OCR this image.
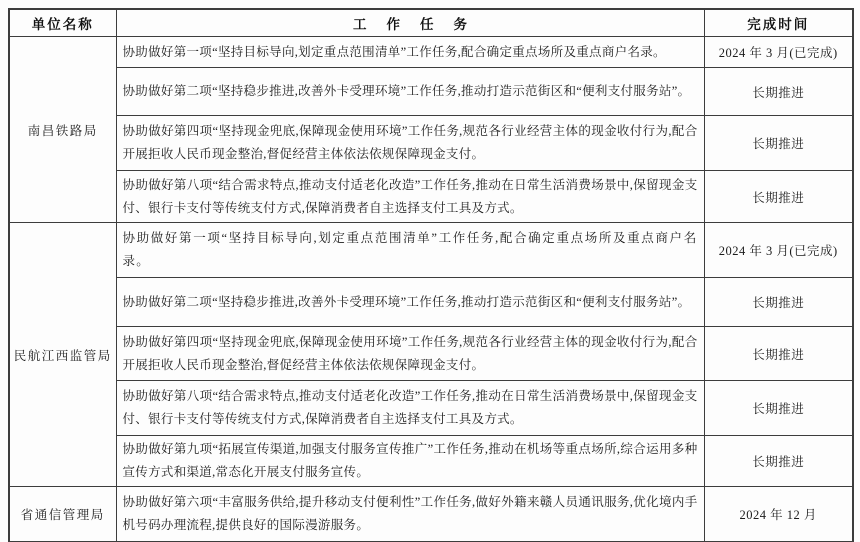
单位名称	工作任务	完成时间
南昌铁路局	协助做好第一项“坚持目标导向,划定重点范围清单”工作任务,配合确定重点场所及重点商户名录。	2024 年 3 月(已完成)
	协助做好第二项“坚持稳步推进,改善外卡受理环境”工作任务,推动打造示范街区和“便利支付服务站”。	长期推进
	协助做好第四项“坚持现金兜底,保障现金使用环境”工作任务,规范各行业经营主体的现金收付行为,配合开展拒收人民币现金整治,督促经营主体依法依规保障现金支付。	长期推进
	协助做好第八项“结合需求特点,推动支付适老化改造”工作任务,推动在日常生活消费场景中,保留现金支付、银行卡支付等传统支付方式,保障消费者自主选择支付工具及方式。	长期推进
民航江西监管局	协助做好第一项“坚持目标导向,划定重点范围清单”工作任务,配合确定重点场所及重点商户名录。	2024 年 3 月(已完成)
	协助做好第二项“坚持稳步推进,改善外卡受理环境”工作任务,推动打造示范街区和“便利支付服务站”。	长期推进
	协助做好第四项“坚持现金兜底,保障现金使用环境”工作任务,规范各行业经营主体的现金收付行为,配合开展拒收人民币现金整治,督促经营主体依法依规保障现金支付。	长期推进
	协助做好第八项“结合需求特点,推动支付适老化改造”工作任务,推动在日常生活消费场景中,保留现金支付、银行卡支付等传统支付方式,保障消费者自主选择支付工具及方式。	长期推进
	协助做好第九项“拓展宣传渠道,加强支付服务宣传推广”工作任务,推动在机场等重点场所,综合运用多种宣传方式和渠道,常态化开展支付服务宣传。	长期推进
省通信管理局	协助做好第六项“丰富服务供给,提升移动支付便利性”工作任务,做好外籍来赣人员通讯服务,优化境内手机号码办理流程,提供良好的国际漫游服务。	2024 年 12 月
